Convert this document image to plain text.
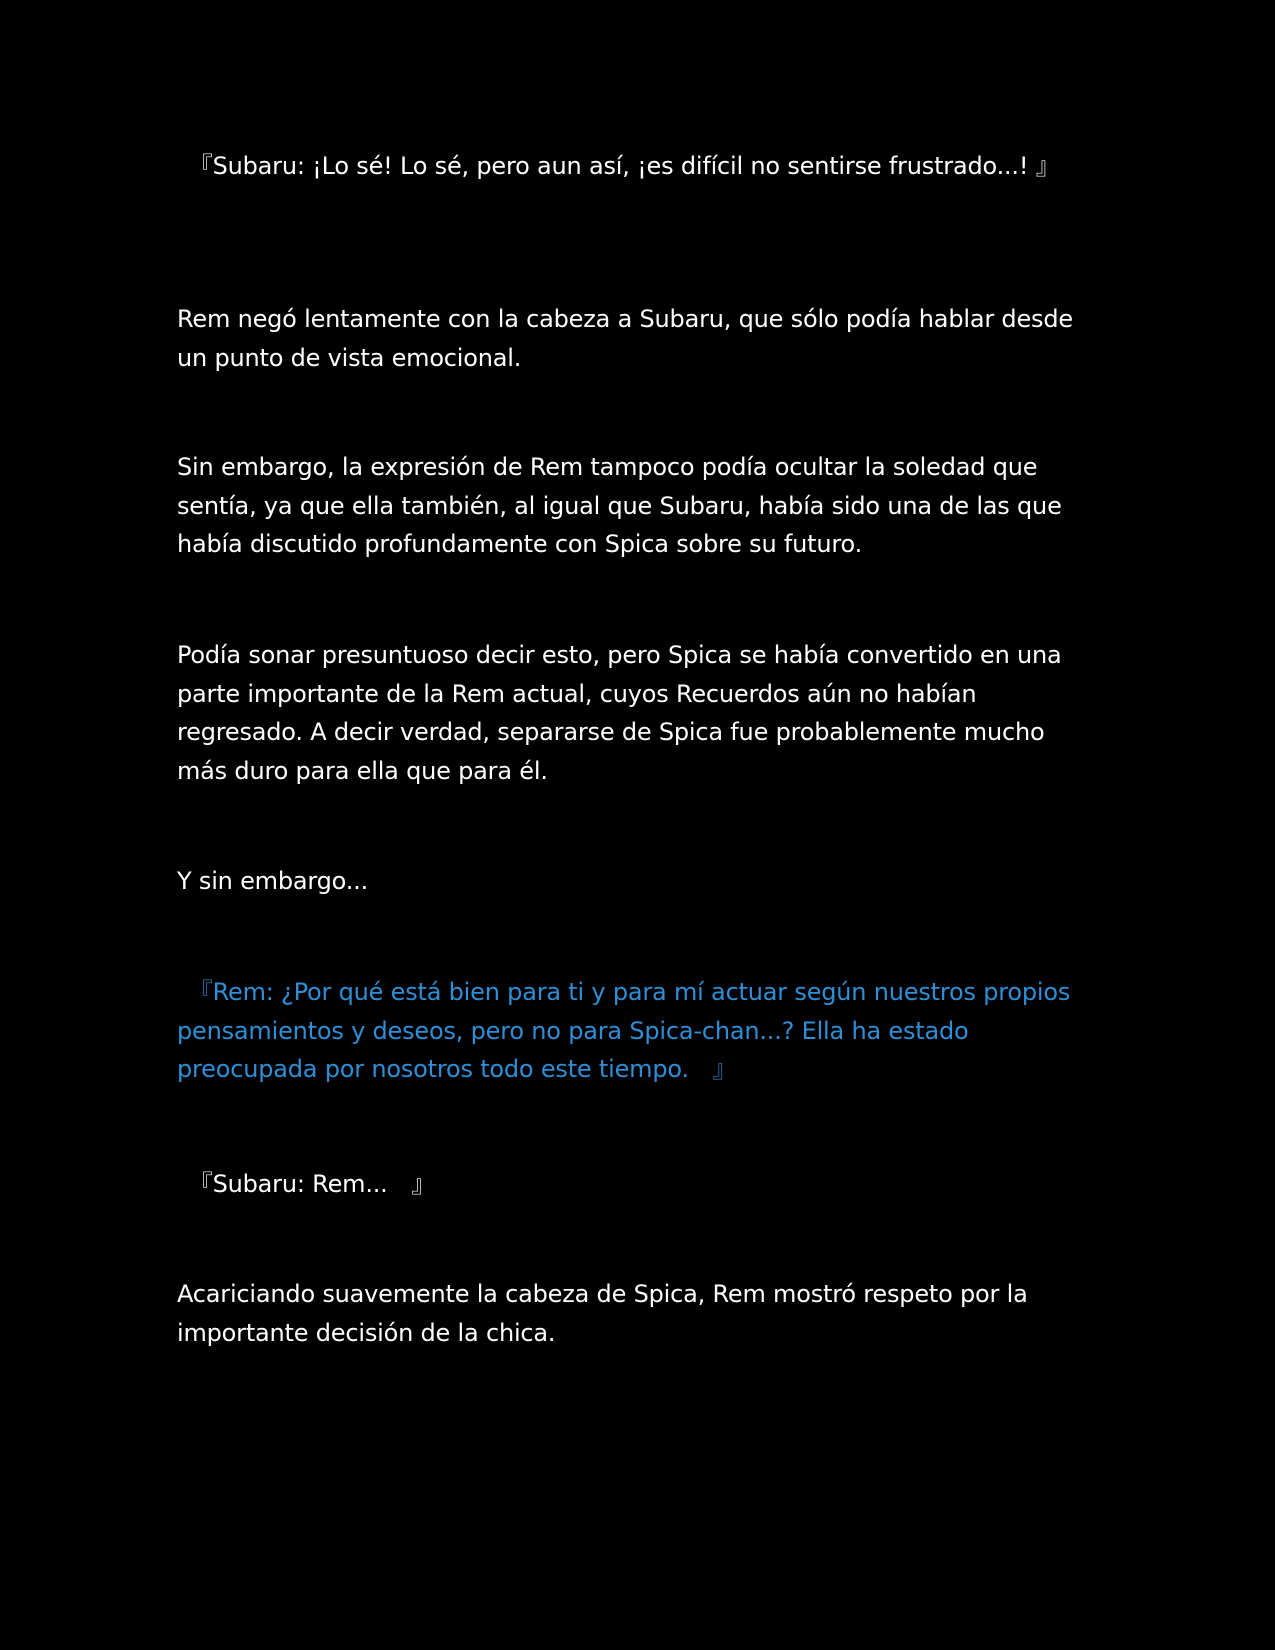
　『Subaru: ¡Lo sé! Lo sé, pero aun así, ¡es difícil no sentirse frustrado...! 』

Rem negó lentamente con la cabeza a Subaru, que sólo podía hablar desde un punto de vista emocional.

Sin embargo, la expresión de Rem tampoco podía ocultar la soledad que sentía, ya que ella también, al igual que Subaru, había sido una de las que había discutido profundamente con Spica sobre su futuro.

Podía sonar presuntuoso decir esto, pero Spica se había convertido en una parte importante de la Rem actual, cuyos Recuerdos aún no habían regresado. A decir verdad, separarse de Spica fue probablemente mucho más duro para ella que para él.

Y sin embargo...

　『Rem: ¿Por qué está bien para ti y para mí actuar según nuestros propios pensamientos y deseos, pero no para Spica-chan...? Ella ha estado preocupada por nosotros todo este tiempo.　』

　『Subaru: Rem...　』

Acariciando suavemente la cabeza de Spica, Rem mostró respeto por la importante decisión de la chica.
